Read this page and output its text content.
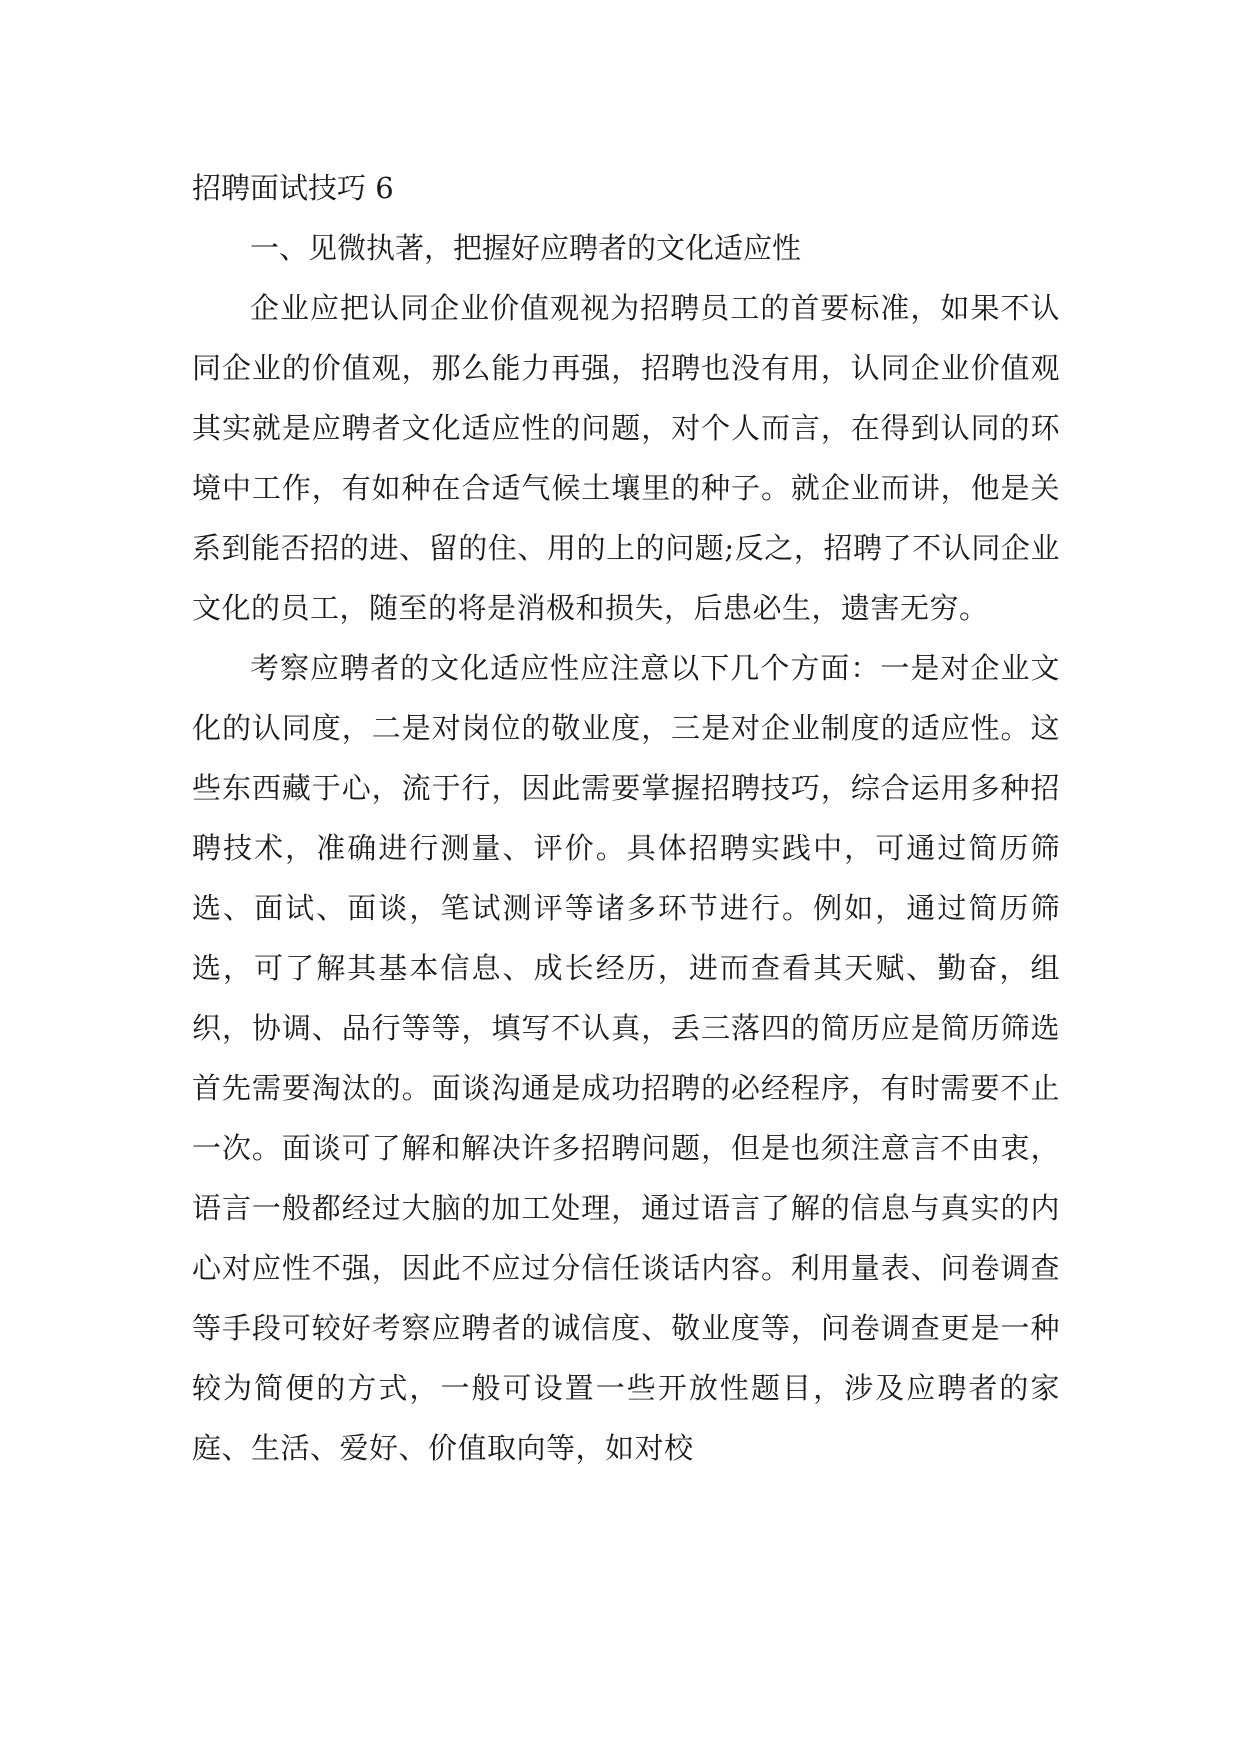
招聘面试技巧 6
一、见微执著，把握好应聘者的文化适应性

企业应把认同企业价值观视为招聘员工的首要标准，如果不认同企业的价值观，那么能力再强，招聘也没有用，认同企业价值观其实就是应聘者文化适应性的问题，对个人而言，在得到认同的环境中工作，有如种在合适气候土壤里的种子。就企业而讲，他是关系到能否招的进、留的住、用的上的问题;反之，招聘了不认同企业文化的员工，随至的将是消极和损失，后患必生，遗害无穷。

考察应聘者的文化适应性应注意以下几个方面：一是对企业文化的认同度，二是对岗位的敬业度，三是对企业制度的适应性。这些东西藏于心，流于行，因此需要掌握招聘技巧，综合运用多种招聘技术，准确进行测量、评价。具体招聘实践中，可通过简历筛选、面试、面谈，笔试测评等诸多环节进行。例如，通过简历筛选，可了解其基本信息、成长经历，进而查看其天赋、勤奋，组织，协调、品行等等，填写不认真，丢三落四的简历应是简历筛选首先需要淘汰的。面谈沟通是成功招聘的必经程序，有时需要不止一次。面谈可了解和解决许多招聘问题，但是也须注意言不由衷，语言一般都经过大脑的加工处理，通过语言了解的信息与真实的内心对应性不强，因此不应过分信任谈话内容。利用量表、问卷调查等手段可较好考察应聘者的诚信度、敬业度等，问卷调查更是一种较为简便的方式，一般可设置一些开放性题目，涉及应聘者的家庭、生活、爱好、价值取向等，如对校
